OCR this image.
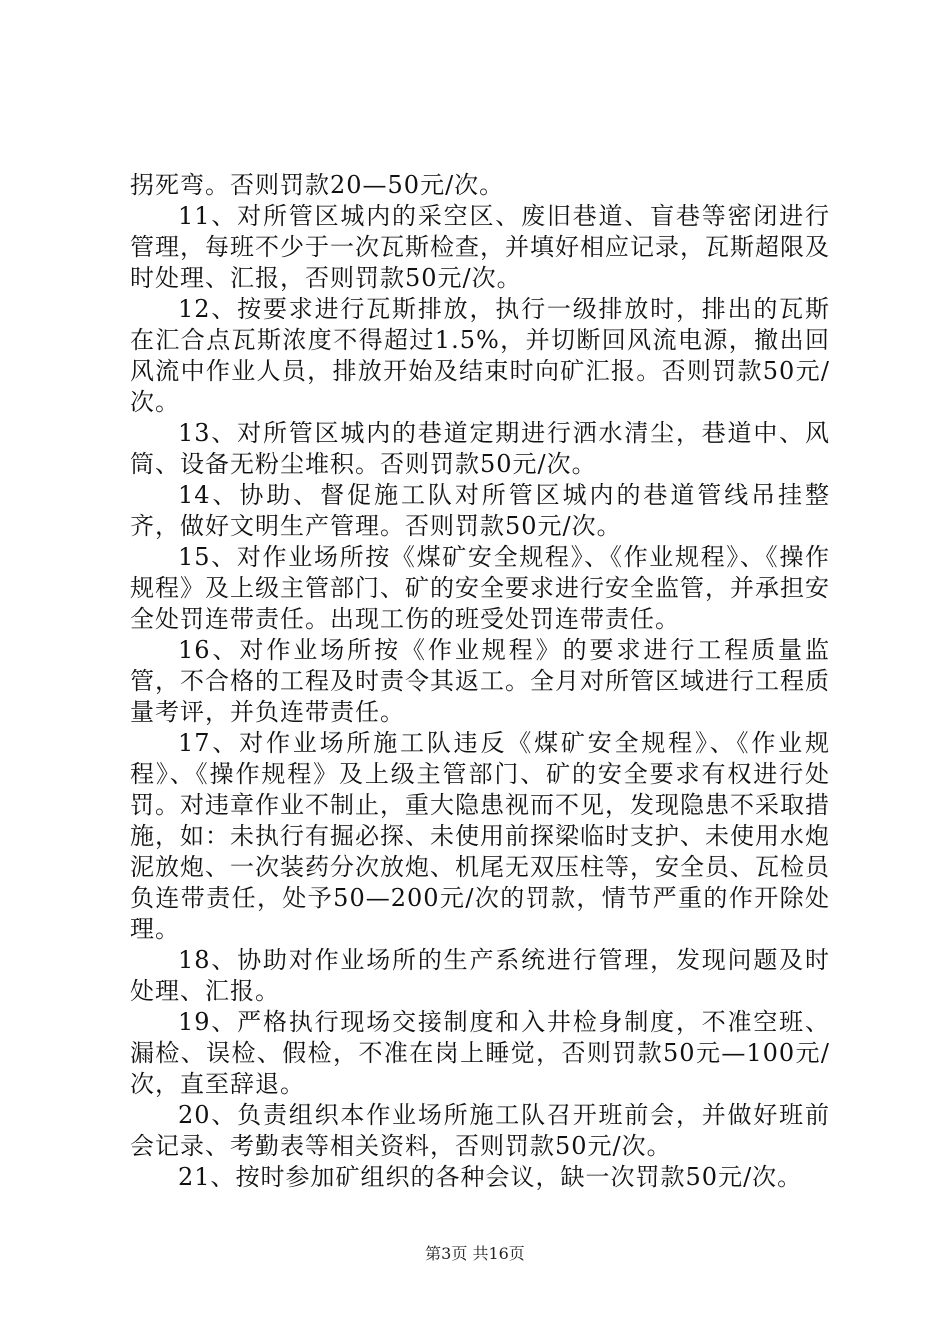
拐死弯。否则罚款20—50元/次。

11、对所管区城内的采空区、废旧巷道、盲巷等密闭进行管理，每班不少于一次瓦斯检查，并填好相应记录，瓦斯超限及时处理、汇报，否则罚款50元/次。

12、按要求进行瓦斯排放，执行一级排放时，排出的瓦斯在汇合点瓦斯浓度不得超过1.5%，并切断回风流电源，撤出回风流中作业人员，排放开始及结束时向矿汇报。否则罚款50元/次。

13、对所管区城内的巷道定期进行洒水清尘，巷道中、风筒、设备无粉尘堆积。否则罚款50元/次。

14、协助、督促施工队对所管区城内的巷道管线吊挂整齐，做好文明生产管理。否则罚款50元/次。

15、对作业场所按《煤矿安全规程》、《作业规程》、《操作规程》及上级主管部门、矿的安全要求进行安全监管，并承担安全处罚连带责任。出现工伤的班受处罚连带责任。

16、对作业场所按《作业规程》的要求进行工程质量监管，不合格的工程及时责令其返工。全月对所管区域进行工程质量考评，并负连带责任。

17、对作业场所施工队违反《煤矿安全规程》、《作业规程》、《操作规程》及上级主管部门、矿的安全要求有权进行处罚。对违章作业不制止，重大隐患视而不见，发现隐患不采取措施，如：未执行有掘必探、未使用前探梁临时支护、未使用水炮泥放炮、一次装药分次放炮、机尾无双压柱等，安全员、瓦检员负连带责任，处予50—200元/次的罚款，情节严重的作开除处理。

18、协助对作业场所的生产系统进行管理，发现问题及时处理、汇报。

19、严格执行现场交接制度和入井检身制度，不准空班、漏检、误检、假检，不准在岗上睡觉，否则罚款50元—100元/次，直至辞退。

20、负责组织本作业场所施工队召开班前会，并做好班前会记录、考勤表等相关资料，否则罚款50元/次。

21、按时参加矿组织的各种会议，缺一次罚款50元/次。

第3页 共16页
